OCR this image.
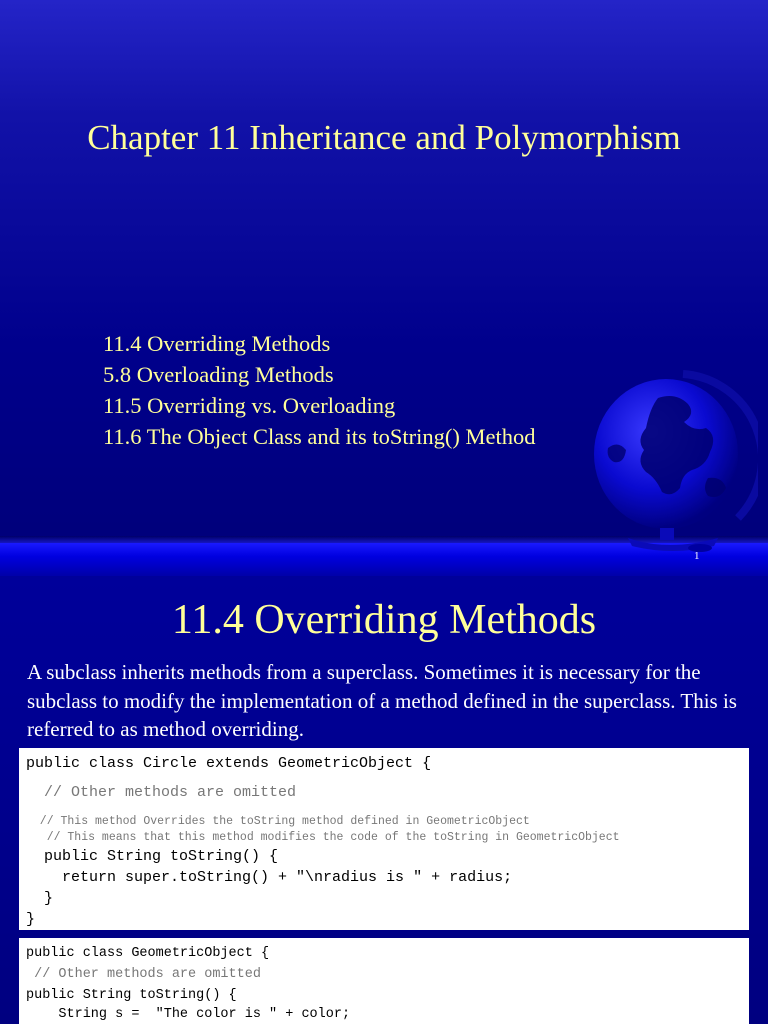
Chapter 11 Inheritance and Polymorphism
11.4 Overriding Methods
5.8 Overloading Methods
11.5 Overriding vs. Overloading
11.6 The Object Class and its toString() Method
1
11.4 Overriding Methods
A subclass inherits methods from a superclass. Sometimes it is necessary for the subclass to modify the implementation of a method defined in the superclass. This is referred to as method overriding.
public class Circle extends GeometricObject {
// Other methods are omitted
// This method Overrides the toString method defined in GeometricObject
// This means that this method modifies the code of the toString in GeometricObject
public String toString() {
return super.toString() + "\nradius is " + radius;
}
}
public class GeometricObject {
// Other methods are omitted
public String toString() {
String s =  "The color is " + color;
